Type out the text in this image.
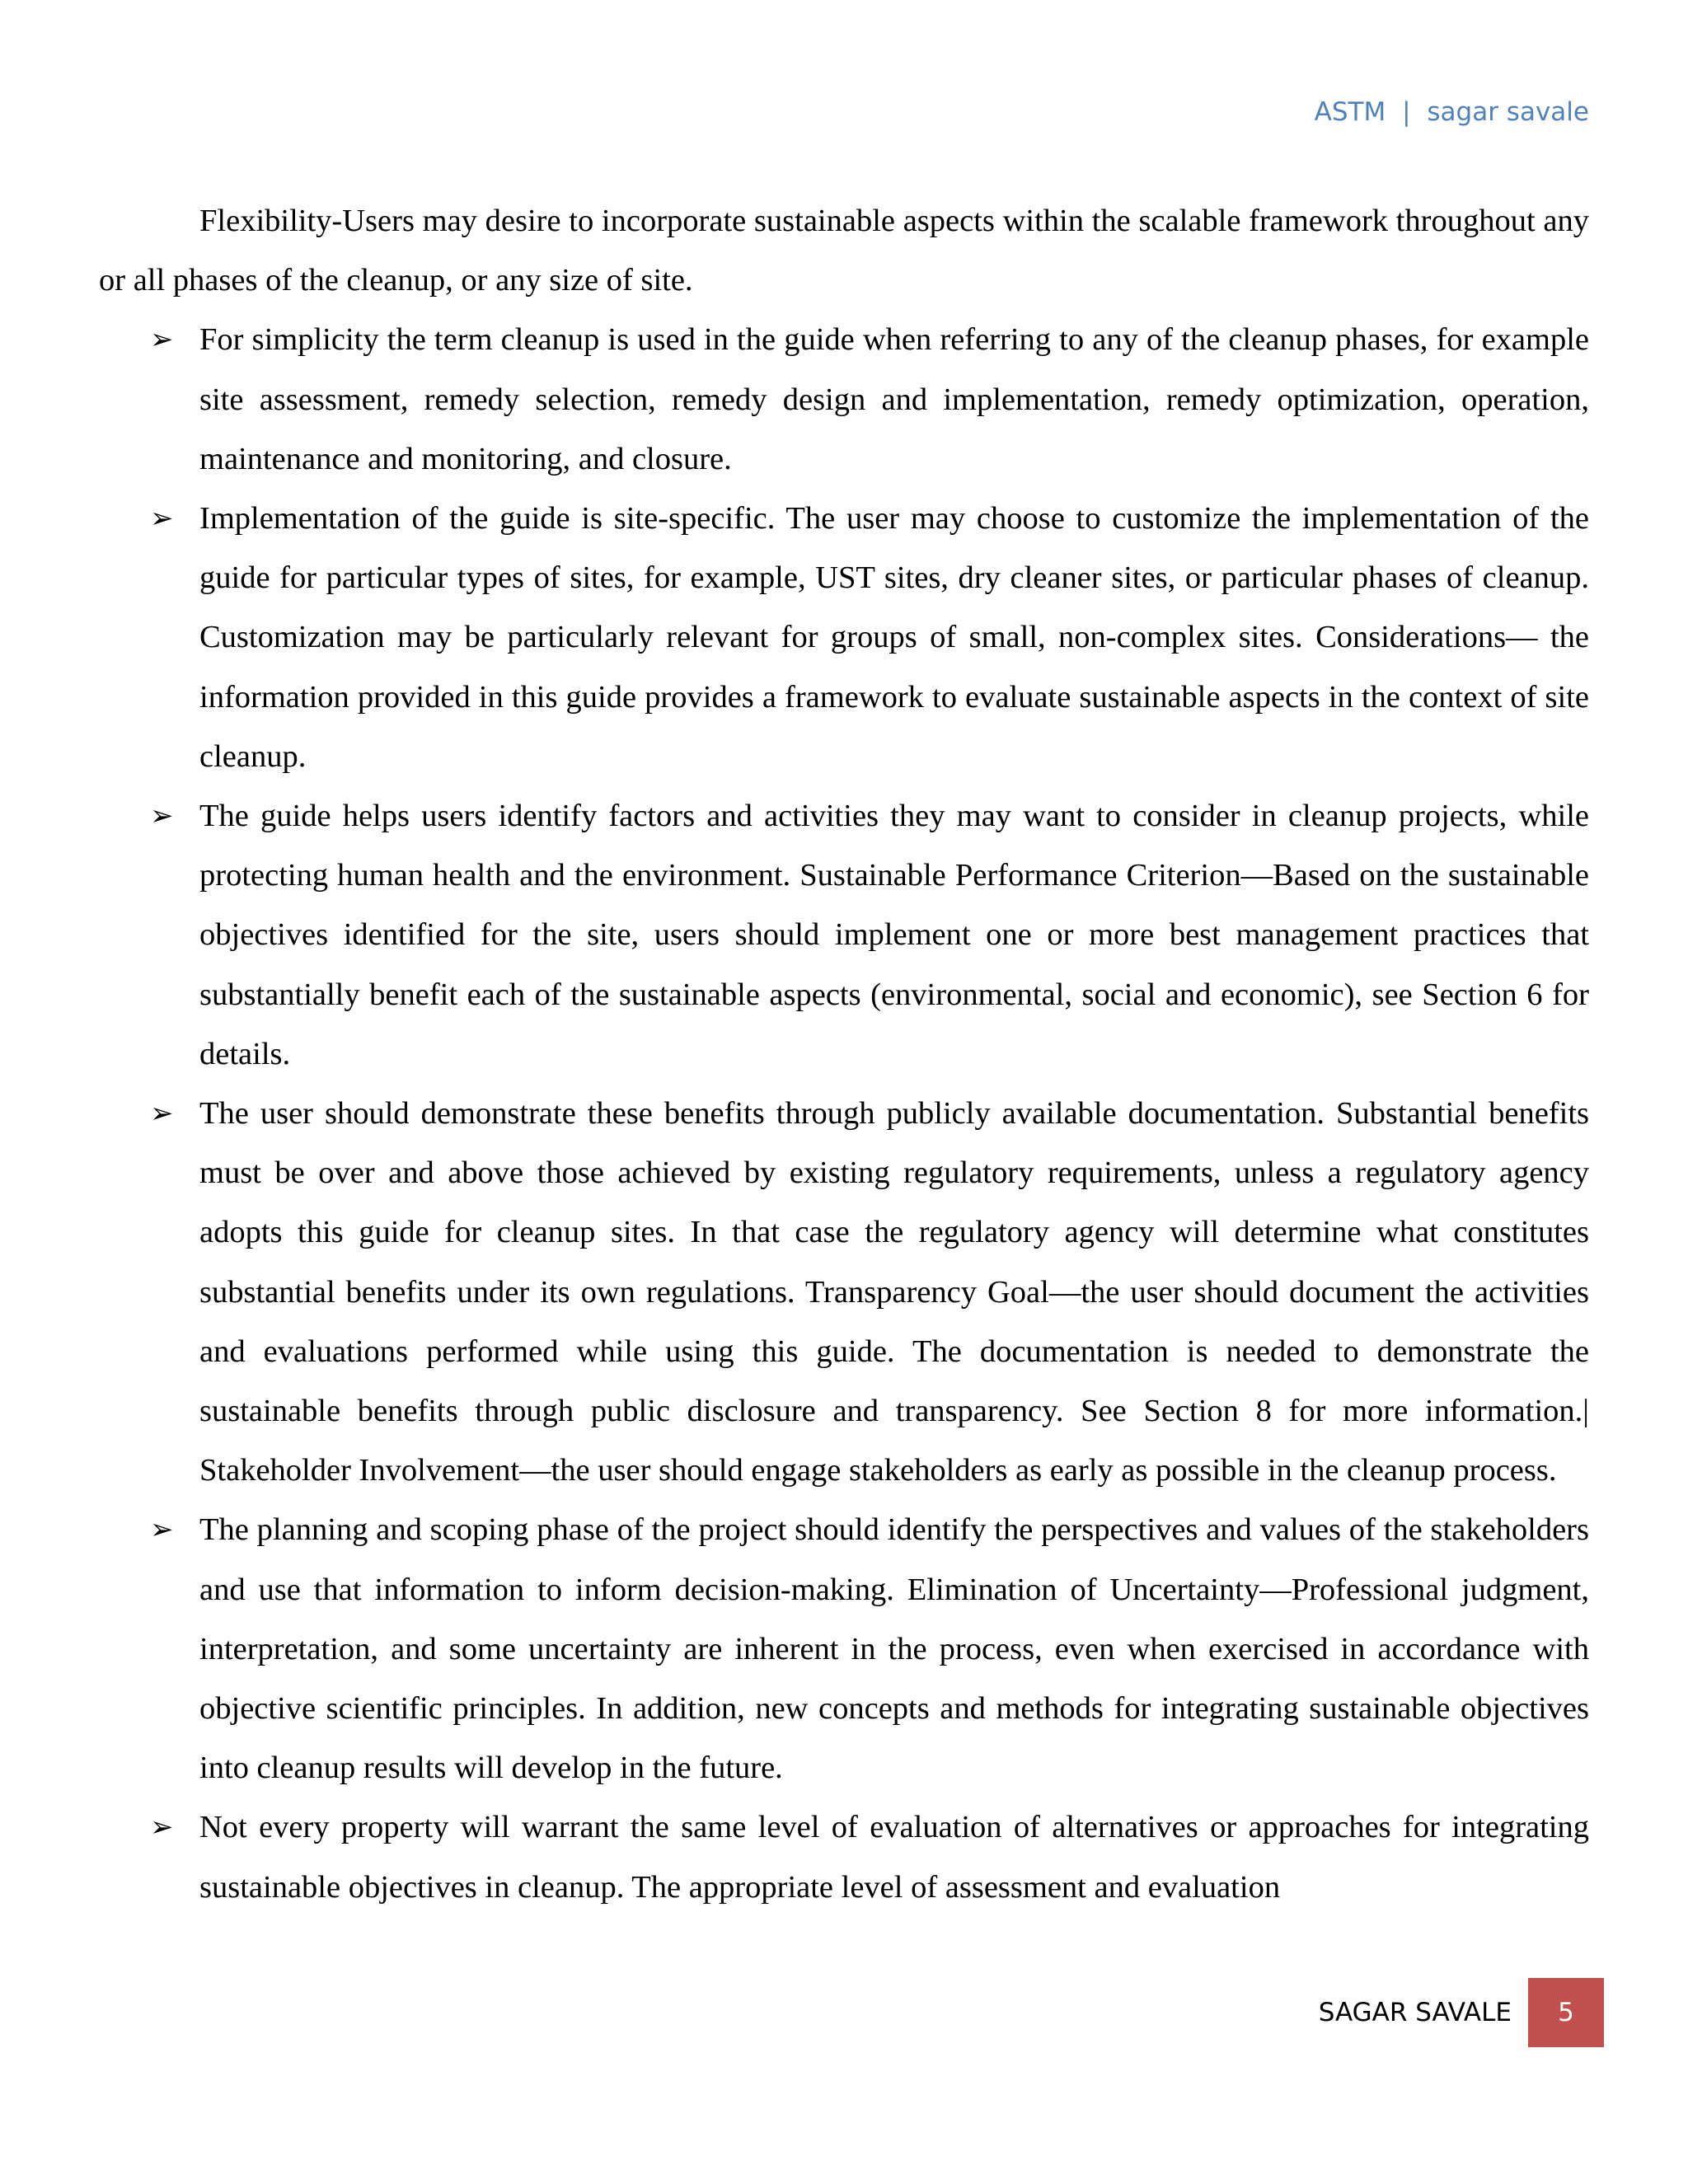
ASTM | sagar savale

Flexibility-Users may desire to incorporate sustainable aspects within the scalable framework throughout any or all phases of the cleanup, or any size of site.

➢ For simplicity the term cleanup is used in the guide when referring to any of the cleanup phases, for example site assessment, remedy selection, remedy design and implementation, remedy optimization, operation, maintenance and monitoring, and closure.
➢ Implementation of the guide is site-specific. The user may choose to customize the implementation of the guide for particular types of sites, for example, UST sites, dry cleaner sites, or particular phases of cleanup. Customization may be particularly relevant for groups of small, non-complex sites. Considerations— the information provided in this guide provides a framework to evaluate sustainable aspects in the context of site cleanup.
➢ The guide helps users identify factors and activities they may want to consider in cleanup projects, while protecting human health and the environment. Sustainable Performance Criterion—Based on the sustainable objectives identified for the site, users should implement one or more best management practices that substantially benefit each of the sustainable aspects (environmental, social and economic), see Section 6 for details.
➢ The user should demonstrate these benefits through publicly available documentation. Substantial benefits must be over and above those achieved by existing regulatory requirements, unless a regulatory agency adopts this guide for cleanup sites. In that case the regulatory agency will determine what constitutes substantial benefits under its own regulations. Transparency Goal—the user should document the activities and evaluations performed while using this guide. The documentation is needed to demonstrate the sustainable benefits through public disclosure and transparency. See Section 8 for more information.| Stakeholder Involvement—the user should engage stakeholders as early as possible in the cleanup process.
➢ The planning and scoping phase of the project should identify the perspectives and values of the stakeholders and use that information to inform decision-making. Elimination of Uncertainty—Professional judgment, interpretation, and some uncertainty are inherent in the process, even when exercised in accordance with objective scientific principles. In addition, new concepts and methods for integrating sustainable objectives into cleanup results will develop in the future.
➢ Not every property will warrant the same level of evaluation of alternatives or approaches for integrating sustainable objectives in cleanup. The appropriate level of assessment and evaluation
SAGAR SAVALE 5
